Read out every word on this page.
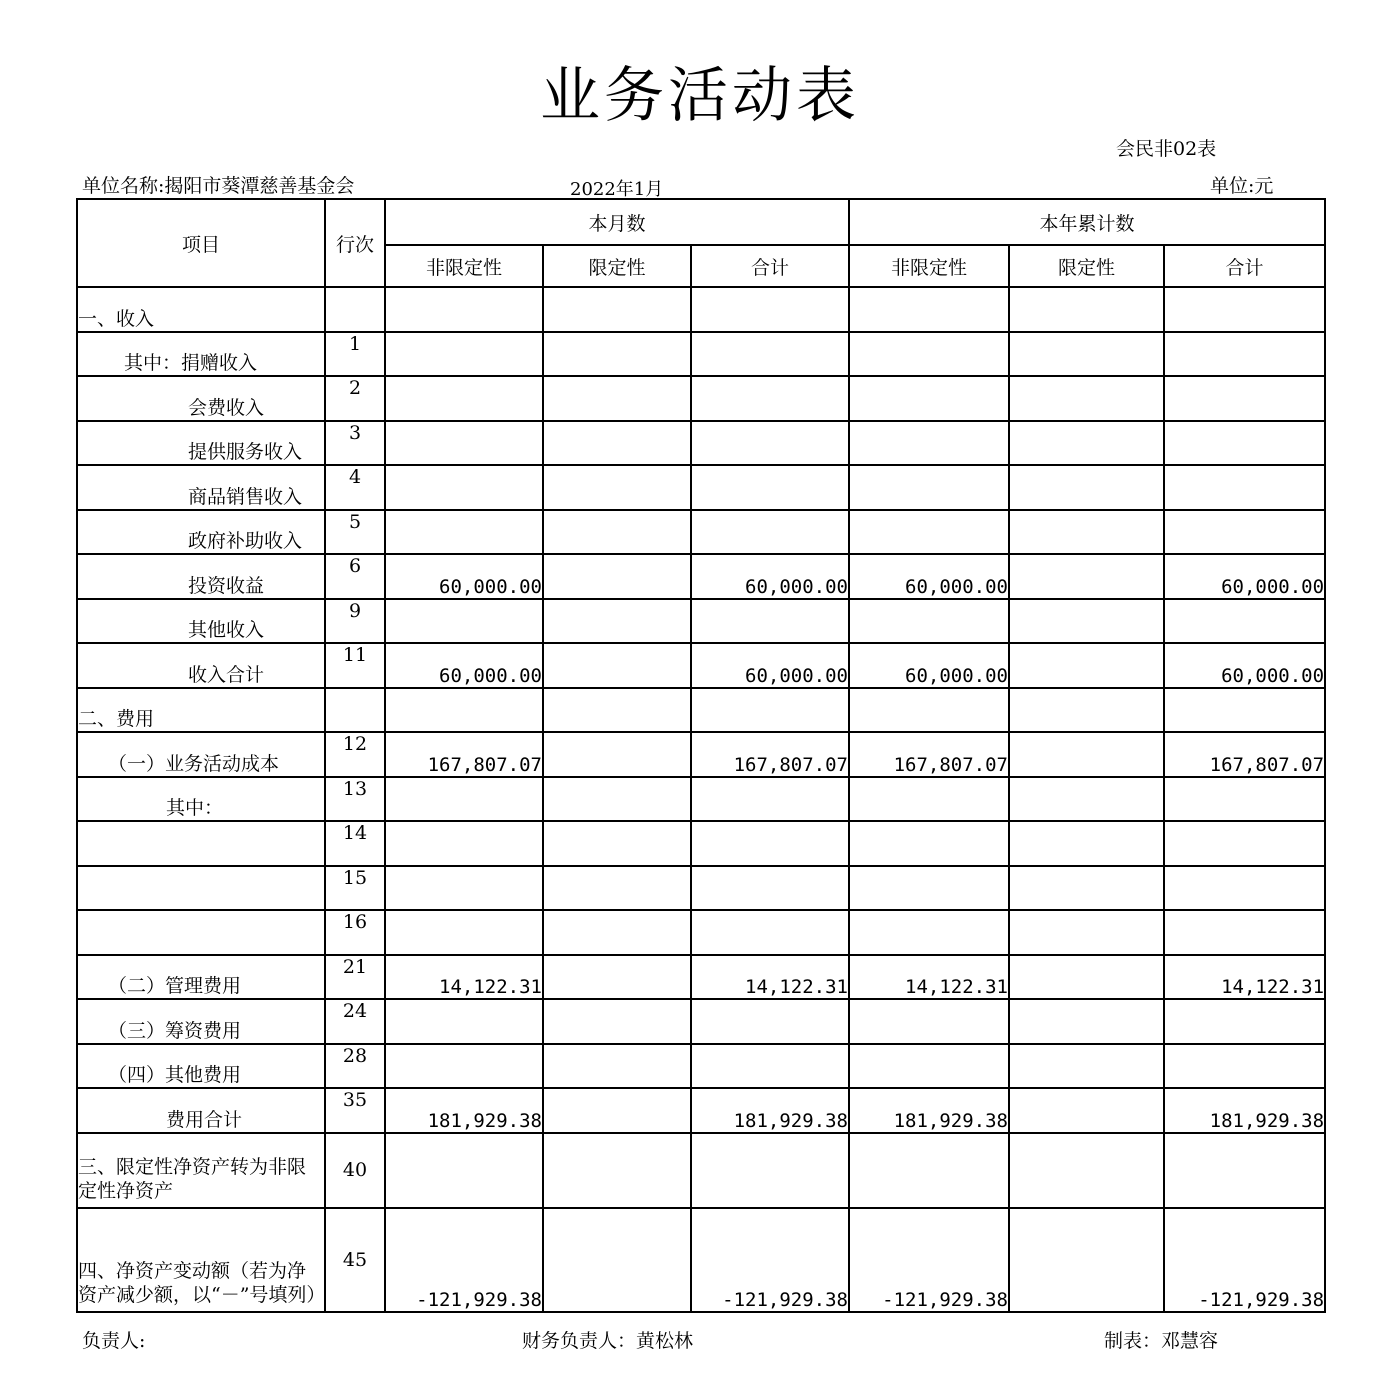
业务活动表
会民非02表
单位名称:揭阳市葵潭慈善基金会	2022年1月	单位:元
项目	行次	本月数			本年累计数		
		非限定性	限定性	合计	非限定性	限定性	合计
一、收入							
其中：捐赠收入	1						
会费收入	2						
提供服务收入	3						
商品销售收入	4						
政府补助收入	5						
投资收益	6	60,000.00		60,000.00	60,000.00		60,000.00
其他收入	9						
收入合计	11	60,000.00		60,000.00	60,000.00		60,000.00
二、费用							
（一）业务活动成本	12	167,807.07		167,807.07	167,807.07		167,807.07
其中：	13						
	14						
	15						
	16						
（二）管理费用	21	14,122.31		14,122.31	14,122.31		14,122.31
（三）筹资费用	24						
（四）其他费用	28						
费用合计	35	181,929.38		181,929.38	181,929.38		181,929.38
三、限定性净资产转为非限定性净资产	40						
四、净资产变动额（若为净资产减少额，以“－”号填列）	45	-121,929.38		-121,929.38	-121,929.38		-121,929.38
负责人:	财务负责人：黄松林	制表：邓慧容
